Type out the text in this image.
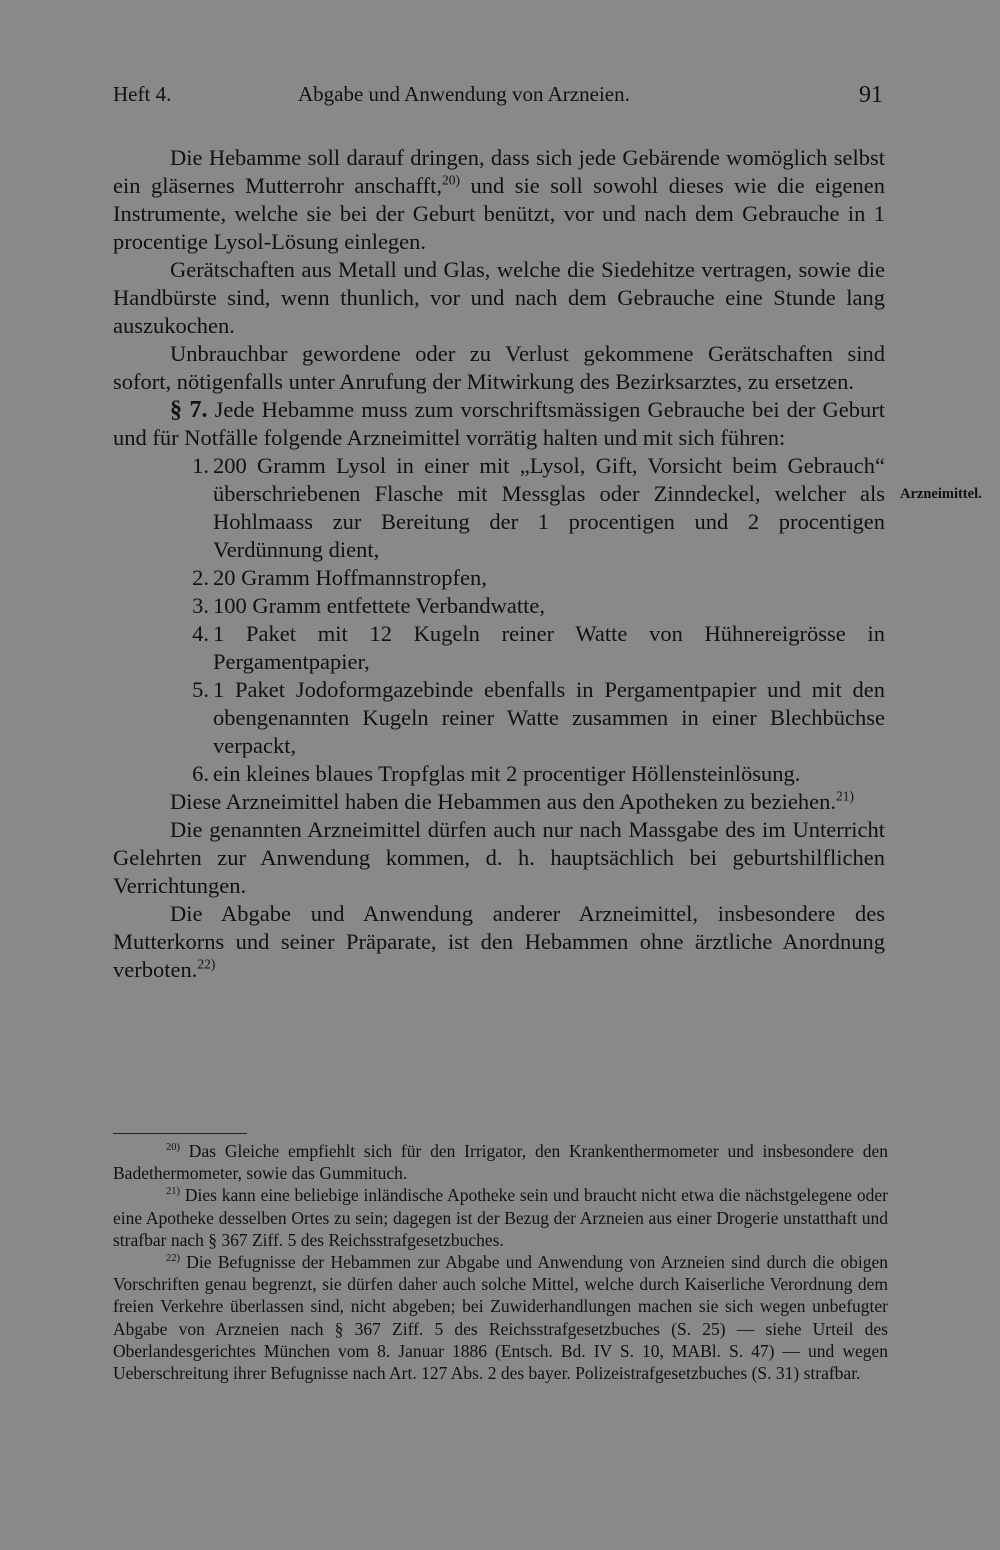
Heft 4.	Abgabe und Anwendung von Arzneien.	91

Die Hebamme soll darauf dringen, dass sich jede Gebärende womöglich selbst ein gläsernes Mutterrohr anschafft,$^{20)}$ und sie soll sowohl dieses wie die eigenen Instrumente, welche sie bei der Geburt benützt, vor und nach dem Gebrauche in 1 procentige Lysol-Lösung einlegen.

Gerätschaften aus Metall und Glas, welche die Siedehitze vertragen, sowie die Handbürste sind, wenn thunlich, vor und nach dem Gebrauche eine Stunde lang auszukochen.

Unbrauchbar gewordene oder zu Verlust gekommene Gerätschaften sind sofort, nötigenfalls unter Anrufung der Mitwirkung des Bezirksarztes, zu ersetzen.

§ 7. Jede Hebamme muss zum vorschriftsmässigen Gebrauche bei der Geburt und für Notfälle folgende Arzneimittel vorrätig halten und mit sich führen:

1. 200 Gramm Lysol in einer mit „Lysol, Gift, Vorsicht beim Gebrauch“ überschriebenen Flasche mit Messglas oder Zinndeckel, welcher als Hohlmaass zur Bereitung der 1 procentigen und 2 procentigen Verdünnung dient,
2. 20 Gramm Hoffmannstropfen,
3. 100 Gramm entfettete Verbandwatte,
4. 1 Paket mit 12 Kugeln reiner Watte von Hühnereigrösse in Pergamentpapier,
5. 1 Paket Jodoformgazebinde ebenfalls in Pergamentpapier und mit den obengenannten Kugeln reiner Watte zusammen in einer Blechbüchse verpackt,
6. ein kleines blaues Tropfglas mit 2 procentiger Höllensteinlösung.

Diese Arzneimittel haben die Hebammen aus den Apotheken zu beziehen.$^{21)}$

Die genannten Arzneimittel dürfen auch nur nach Massgabe des im Unterricht Gelehrten zur Anwendung kommen, d. h. hauptsächlich bei geburtshilflichen Verrichtungen.

Die Abgabe und Anwendung anderer Arzneimittel, insbesondere des Mutterkorns und seiner Präparate, ist den Hebammen ohne ärztliche Anordnung verboten.$^{22)}$

Arzneimittel.

$^{20)}$ Das Gleiche empfiehlt sich für den Irrigator, den Krankenthermometer und insbesondere den Badethermometer, sowie das Gummituch.

$^{21)}$ Dies kann eine beliebige inländische Apotheke sein und braucht nicht etwa die nächstgelegene oder eine Apotheke desselben Ortes zu sein; dagegen ist der Bezug der Arzneien aus einer Drogerie unstatthaft und strafbar nach § 367 Ziff. 5 des Reichsstrafgesetzbuches.

$^{22)}$ Die Befugnisse der Hebammen zur Abgabe und Anwendung von Arzneien sind durch die obigen Vorschriften genau begrenzt, sie dürfen daher auch solche Mittel, welche durch Kaiserliche Verordnung dem freien Verkehre überlassen sind, nicht abgeben; bei Zuwiderhandlungen machen sie sich wegen unbefugter Abgabe von Arzneien nach § 367 Ziff. 5 des Reichsstrafgesetzbuches (S. 25) — siehe Urteil des Oberlandesgerichtes München vom 8. Januar 1886 (Entsch. Bd. IV S. 10, MABl. S. 47) — und wegen Ueberschreitung ihrer Befugnisse nach Art. 127 Abs. 2 des bayer. Polizeistrafgesetzbuches (S. 31) strafbar.
